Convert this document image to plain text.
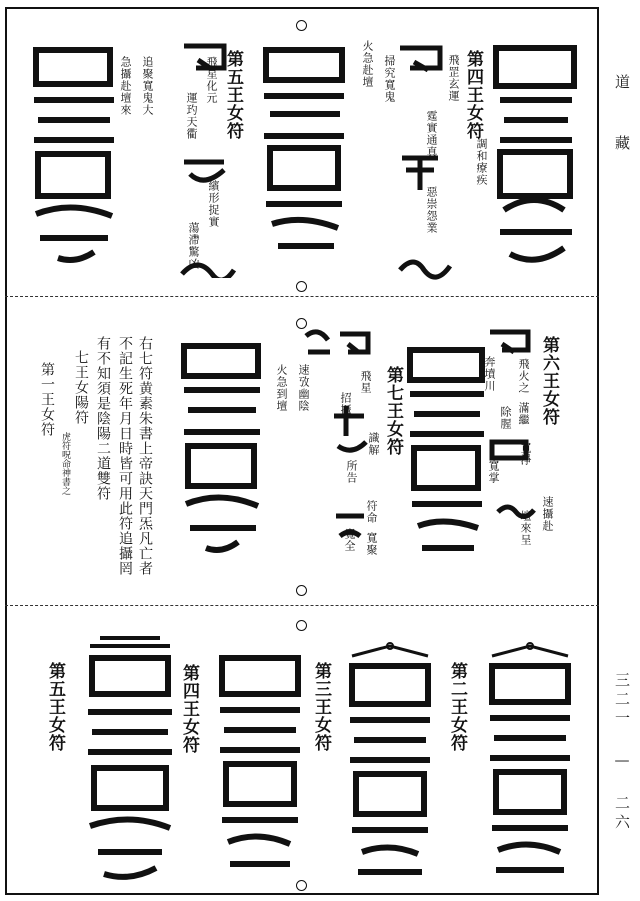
道 藏
三二一 — 二六
第四王女符
飛罡玄運
霆實通真
調和療疾
惡崇怨業
掃究寬鬼
火急赴壇
第五王女符
飛星化元
運玓天衢
繽形捉實
蕩滯驚凶
追聚寬鬼大
急攝赴壇來
第六王女符
飛火之
滿繼
奔墳川
除腥
寬淨
寬掌
速攝赴
壇來呈
第七王女符
飛星
識解
招攝
符命
所告
寬聚
寬全
速攷幽陰
火急到壇
右七符黄素朱書上帝訣天門炁凡亡者
不記生死年月日時皆可用此符追攝罔
有不知須是陰陽二道雙符
七王女陽符
虎符呪命神書之
第一王女符
第二王女符
第三王女符
第四王女符
第五王女符
